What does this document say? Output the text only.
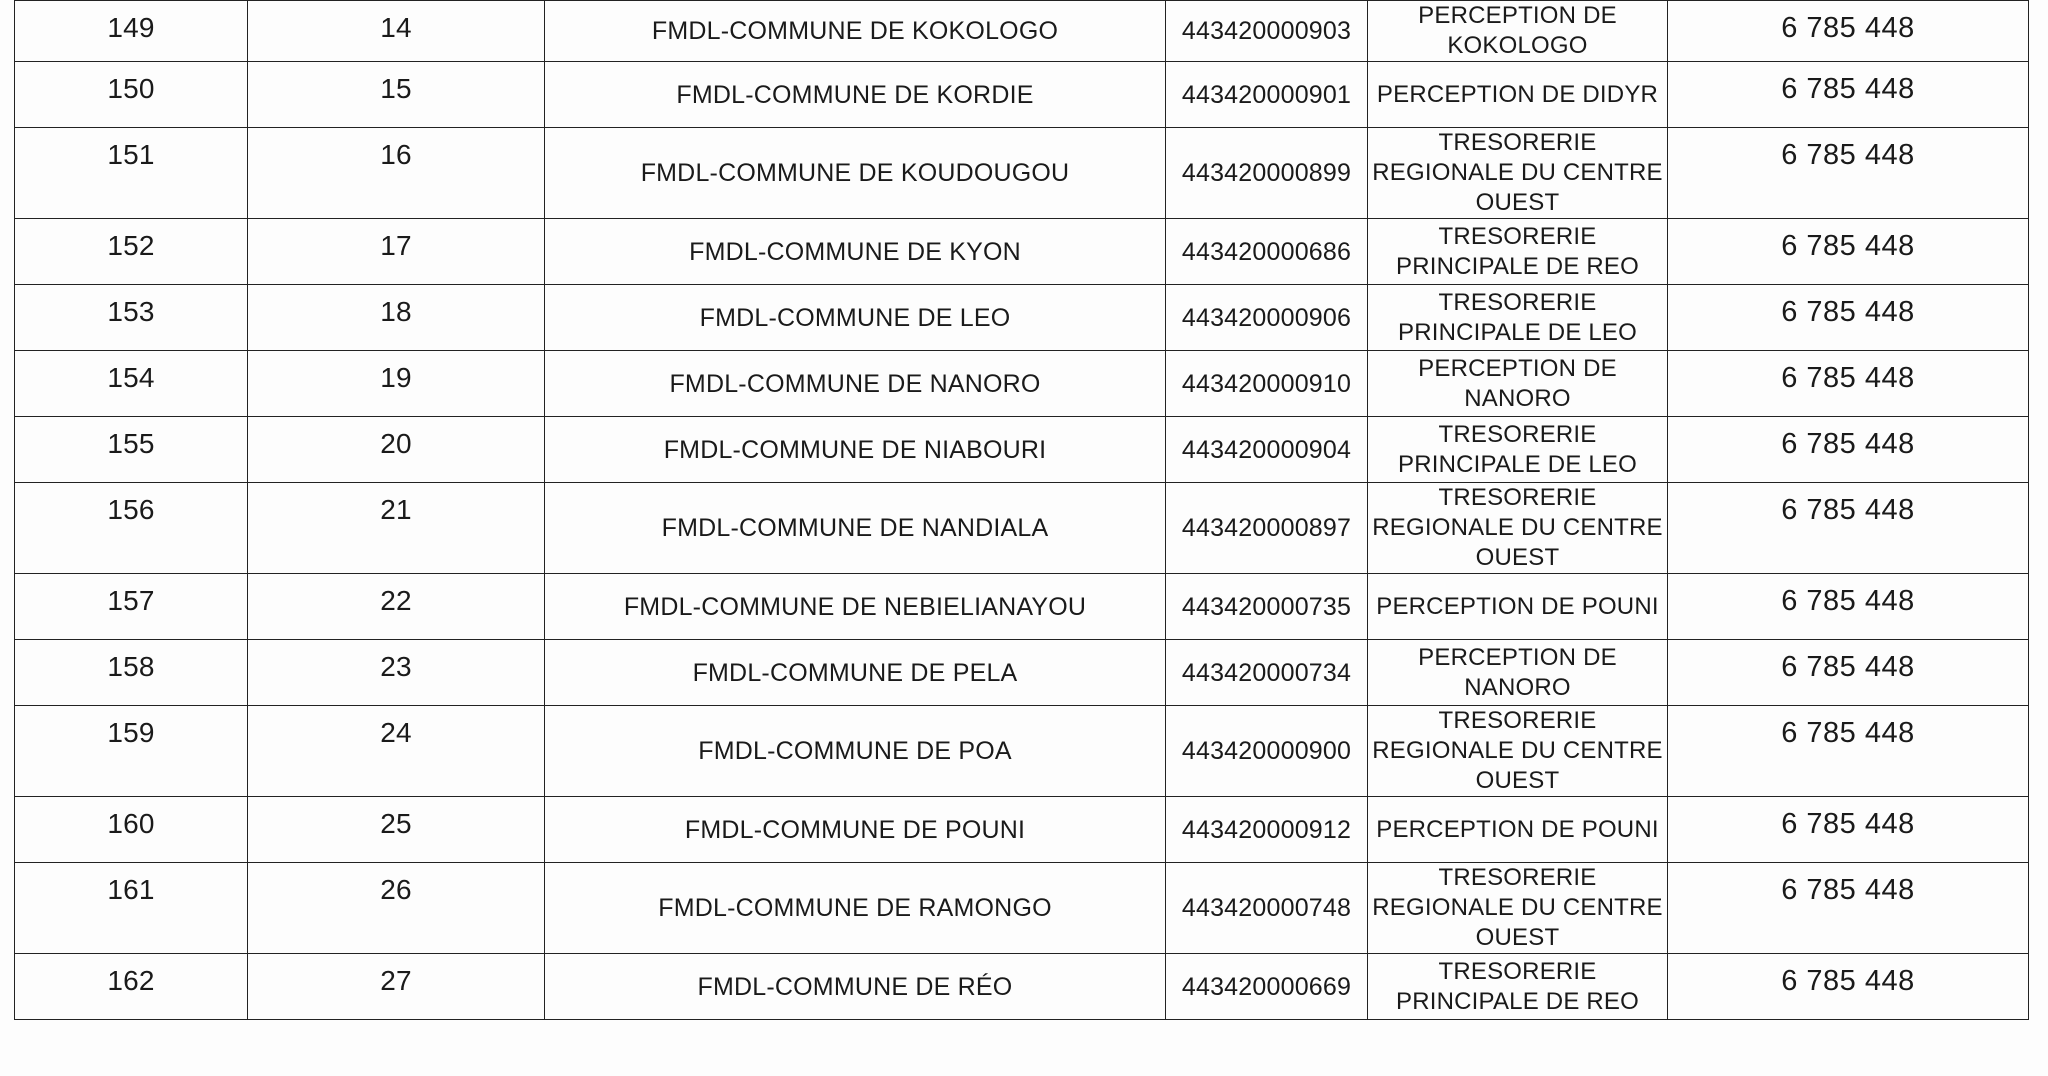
149	14	FMDL-COMMUNE DE KOKOLOGO	443420000903	PERCEPTION DE KOKOLOGO	6 785 448
150	15	FMDL-COMMUNE DE KORDIE	443420000901	PERCEPTION DE DIDYR	6 785 448
151	16	FMDL-COMMUNE DE KOUDOUGOU	443420000899	TRESORERIE REGIONALE DU CENTRE OUEST	6 785 448
152	17	FMDL-COMMUNE DE KYON	443420000686	TRESORERIE PRINCIPALE DE REO	6 785 448
153	18	FMDL-COMMUNE DE LEO	443420000906	TRESORERIE PRINCIPALE DE LEO	6 785 448
154	19	FMDL-COMMUNE DE NANORO	443420000910	PERCEPTION DE NANORO	6 785 448
155	20	FMDL-COMMUNE DE NIABOURI	443420000904	TRESORERIE PRINCIPALE DE LEO	6 785 448
156	21	FMDL-COMMUNE DE NANDIALA	443420000897	TRESORERIE REGIONALE DU CENTRE OUEST	6 785 448
157	22	FMDL-COMMUNE DE NEBIELIANAYOU	443420000735	PERCEPTION DE POUNI	6 785 448
158	23	FMDL-COMMUNE DE PELA	443420000734	PERCEPTION DE NANORO	6 785 448
159	24	FMDL-COMMUNE DE POA	443420000900	TRESORERIE REGIONALE DU CENTRE OUEST	6 785 448
160	25	FMDL-COMMUNE DE POUNI	443420000912	PERCEPTION DE POUNI	6 785 448
161	26	FMDL-COMMUNE DE RAMONGO	443420000748	TRESORERIE REGIONALE DU CENTRE OUEST	6 785 448
162	27	FMDL-COMMUNE DE RÉO	443420000669	TRESORERIE PRINCIPALE DE REO	6 785 448
